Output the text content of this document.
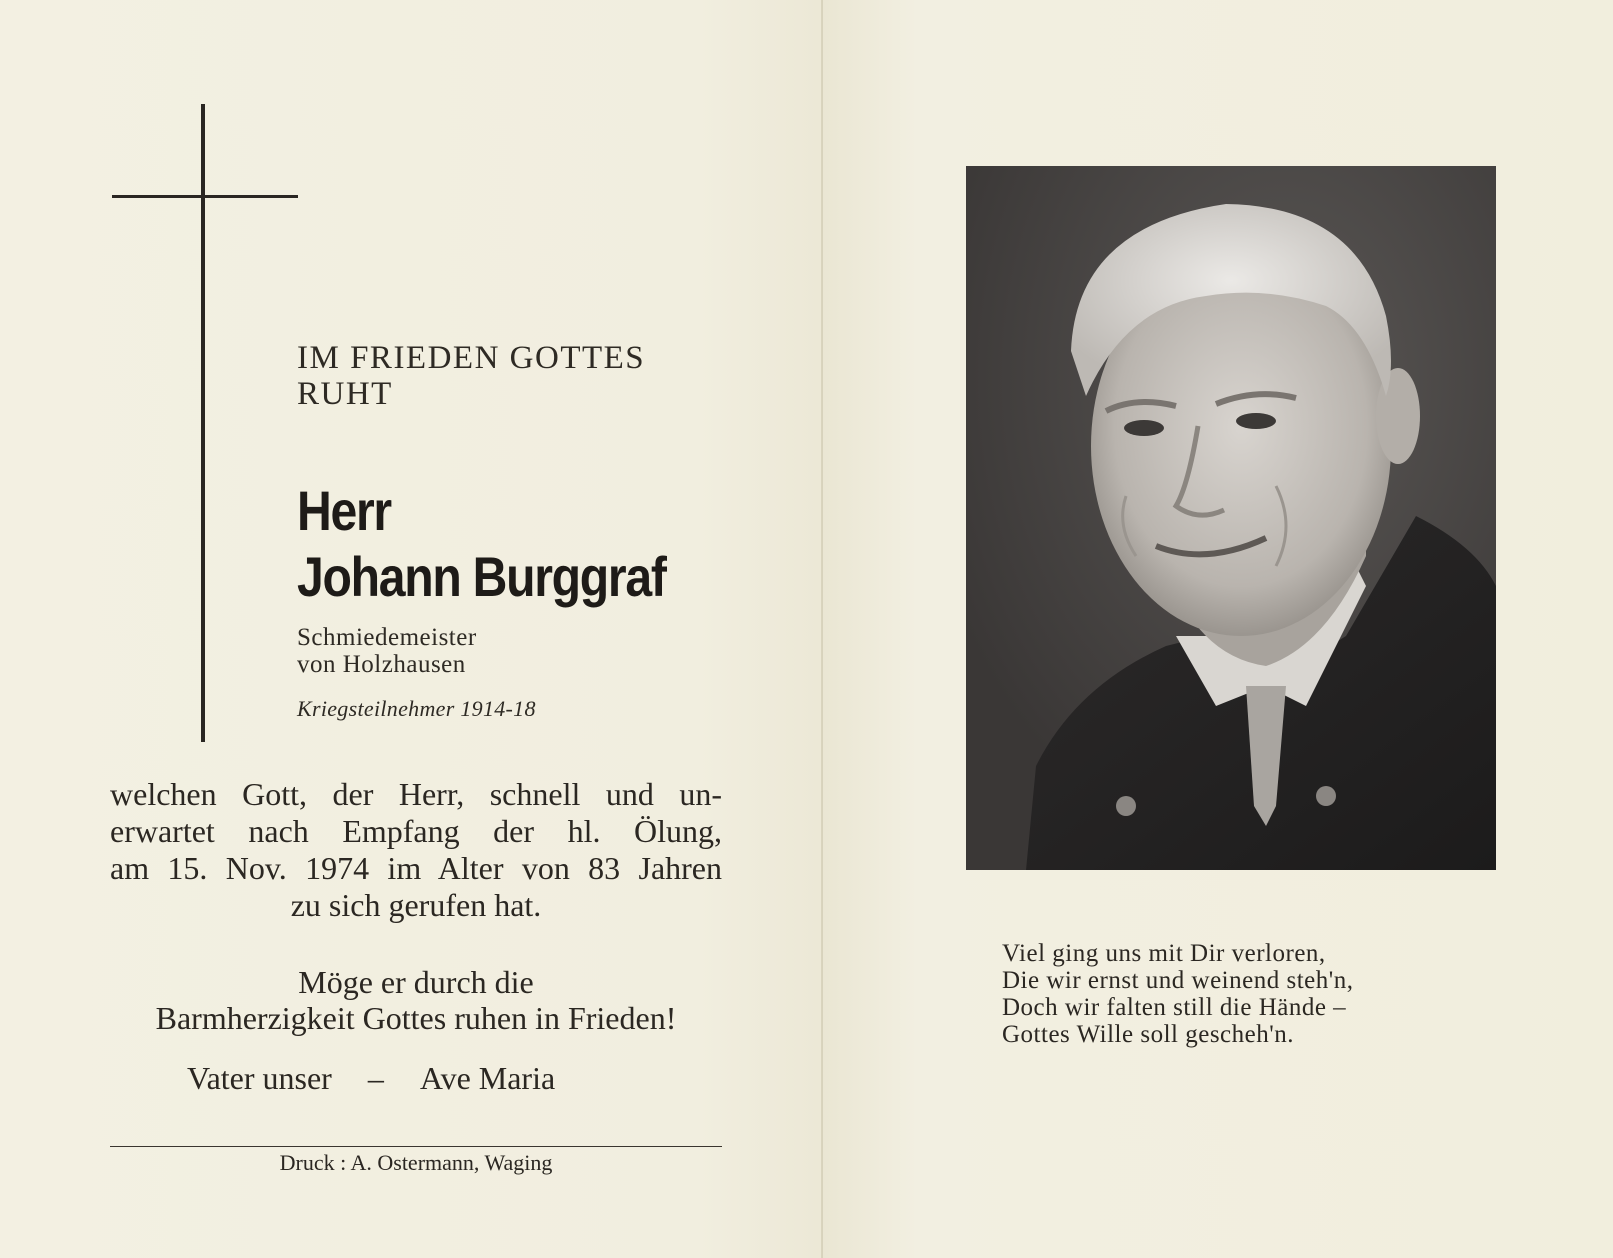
IM FRIEDEN GOTTES
RUHT
Herr
Johann Burggraf
Schmiedemeister
von Holzhausen
Kriegsteilnehmer 1914-18
welchen Gott, der Herr, schnell und un-
erwartet nach Empfang der hl. Ölung,
am 15. Nov. 1974 im Alter von 83 Jahren
zu sich gerufen hat.
Möge er durch die
Barmherzigkeit Gottes ruhen in Frieden!
Vater unser – Ave Maria
Druck : A. Ostermann, Waging
Viel ging uns mit Dir verloren,
Die wir ernst und weinend steh'n,
Doch wir falten still die Hände –
Gottes Wille soll gescheh'n.
